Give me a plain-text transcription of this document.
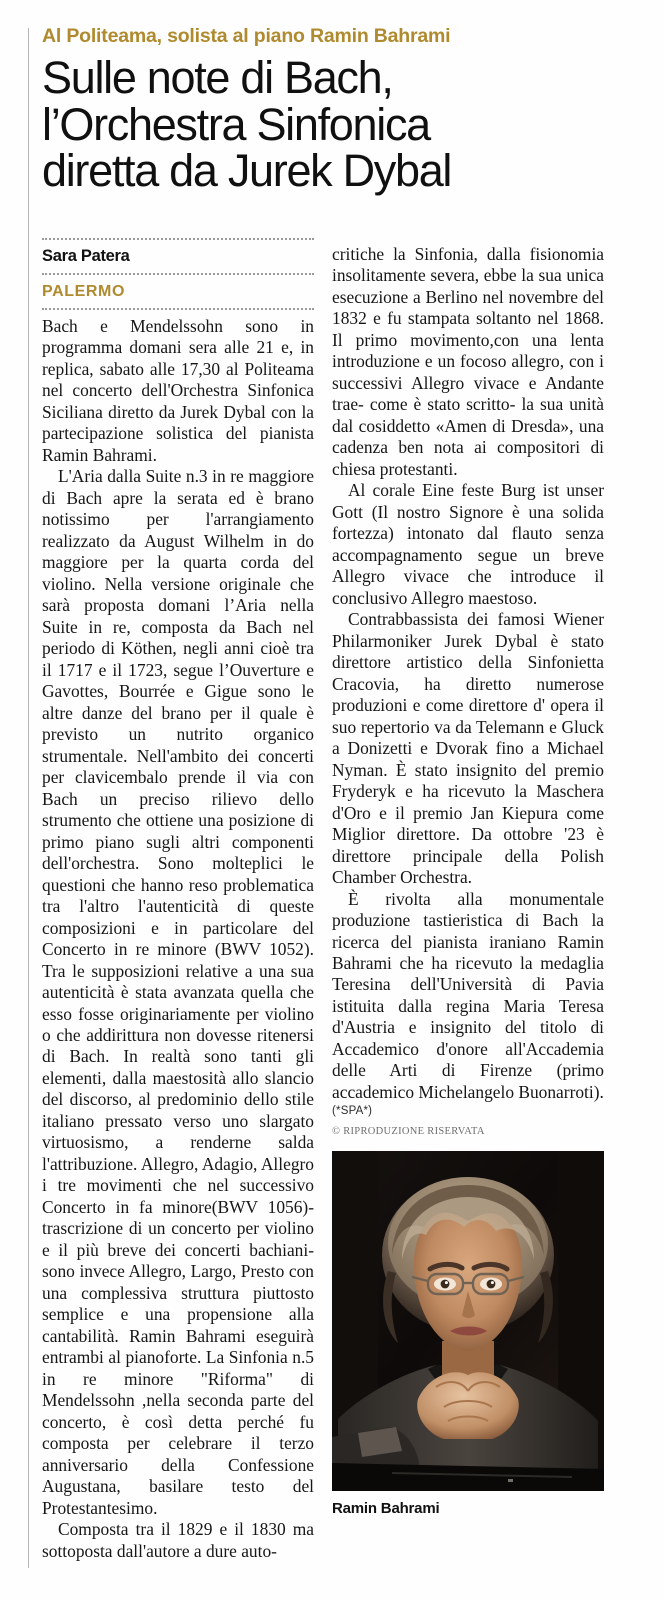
Al Politeama, solista al piano Ramin Bahrami
Sulle note di Bach,
l’Orchestra Sinfonica
diretta da Jurek Dybal
Sara Patera
PALERMO

Bach e Mendelssohn sono in programma domani sera alle 21 e, in replica, sabato alle 17,30 al Politeama nel concerto dell'Orchestra Sinfonica Siciliana diretto da Jurek Dybal con la partecipazione solistica del pianista Ramin Bahrami.

L'Aria dalla Suite n.3 in re maggiore di Bach apre la serata ed è brano notissimo per l'arrangiamento realizzato da August Wilhelm in do maggiore per la quarta corda del violino. Nella versione originale che sarà proposta domani l’Aria nella Suite in re, composta da Bach nel periodo di Köthen, negli anni cioè tra il 1717 e il 1723, segue l’Ouverture e Gavottes, Bourrée e Gigue sono le altre danze del brano per il quale è previsto un nutrito organico strumentale. Nell'ambito dei concerti per clavicembalo prende il via con Bach un preciso rilievo dello strumento che ottiene una posizione di primo piano sugli altri componenti dell'orchestra. Sono molteplici le questioni che hanno reso problematica tra l'altro l'autenticità di queste composizioni e in particolare del Concerto in re minore (BWV 1052). Tra le supposizioni relative a una sua autenticità è stata avanzata quella che esso fosse originariamente per violino o che addirittura non dovesse ritenersi di Bach. In realtà sono tanti gli elementi, dalla maestosità allo slancio del discorso, al predominio dello stile italiano pressato verso uno slargato virtuosismo, a renderne salda l'attribuzione. Allegro, Adagio, Allegro i tre movimenti che nel successivo Concerto in fa minore(BWV 1056)- trascrizione di un concerto per violino e il più breve dei concerti bachiani- sono invece Allegro, Largo, Presto con una complessiva struttura piuttosto semplice e una propensione alla cantabilità. Ramin Bahrami eseguirà entrambi al pianoforte. La Sinfonia n.5 in re minore "Riforma" di Mendelssohn ,nella seconda parte del concerto, è così detta perché fu composta per celebrare il terzo anniversario della Confessione Augustana, basilare testo del Protestantesimo.

Composta tra il 1829 e il 1830 ma sottoposta dall'autore a dure auto-

critiche la Sinfonia, dalla fisionomia insolitamente severa, ebbe la sua unica esecuzione a Berlino nel novembre del 1832 e fu stampata soltanto nel 1868. Il primo movimento,con una lenta introduzione e un focoso allegro, con i successivi Allegro vivace e Andante trae- come è stato scritto- la sua unità dal cosiddetto «Amen di Dresda», una cadenza ben nota ai compositori di chiesa protestanti.

Al corale Eine feste Burg ist unser Gott (Il nostro Signore è una solida fortezza) intonato dal flauto senza accompagnamento segue un breve Allegro vivace che introduce il conclusivo Allegro maestoso.

Contrabbassista dei famosi Wiener Philarmoniker Jurek Dybal è stato direttore artistico della Sinfonietta Cracovia, ha diretto numerose produzioni e come direttore d' opera il suo repertorio va da Telemann e Gluck a Donizetti e Dvorak fino a Michael Nyman. È stato insignito del premio Fryderyk e ha ricevuto la Maschera d'Oro e il premio Jan Kiepura come Miglior direttore. Da ottobre '23 è direttore principale della Polish Chamber Orchestra.

È rivolta alla monumentale produzione tastieristica di Bach la ricerca del pianista iraniano Ramin Bahrami che ha ricevuto la medaglia Teresina dell'Università di Pavia istituita dalla regina Maria Teresa d'Austria e insignito del titolo di Accademico d'onore all'Accademia delle Arti di Firenze (primo accademico Michelangelo Buonarroti).

(*SPA*)
© RIPRODUZIONE RISERVATA
Ramin Bahrami
